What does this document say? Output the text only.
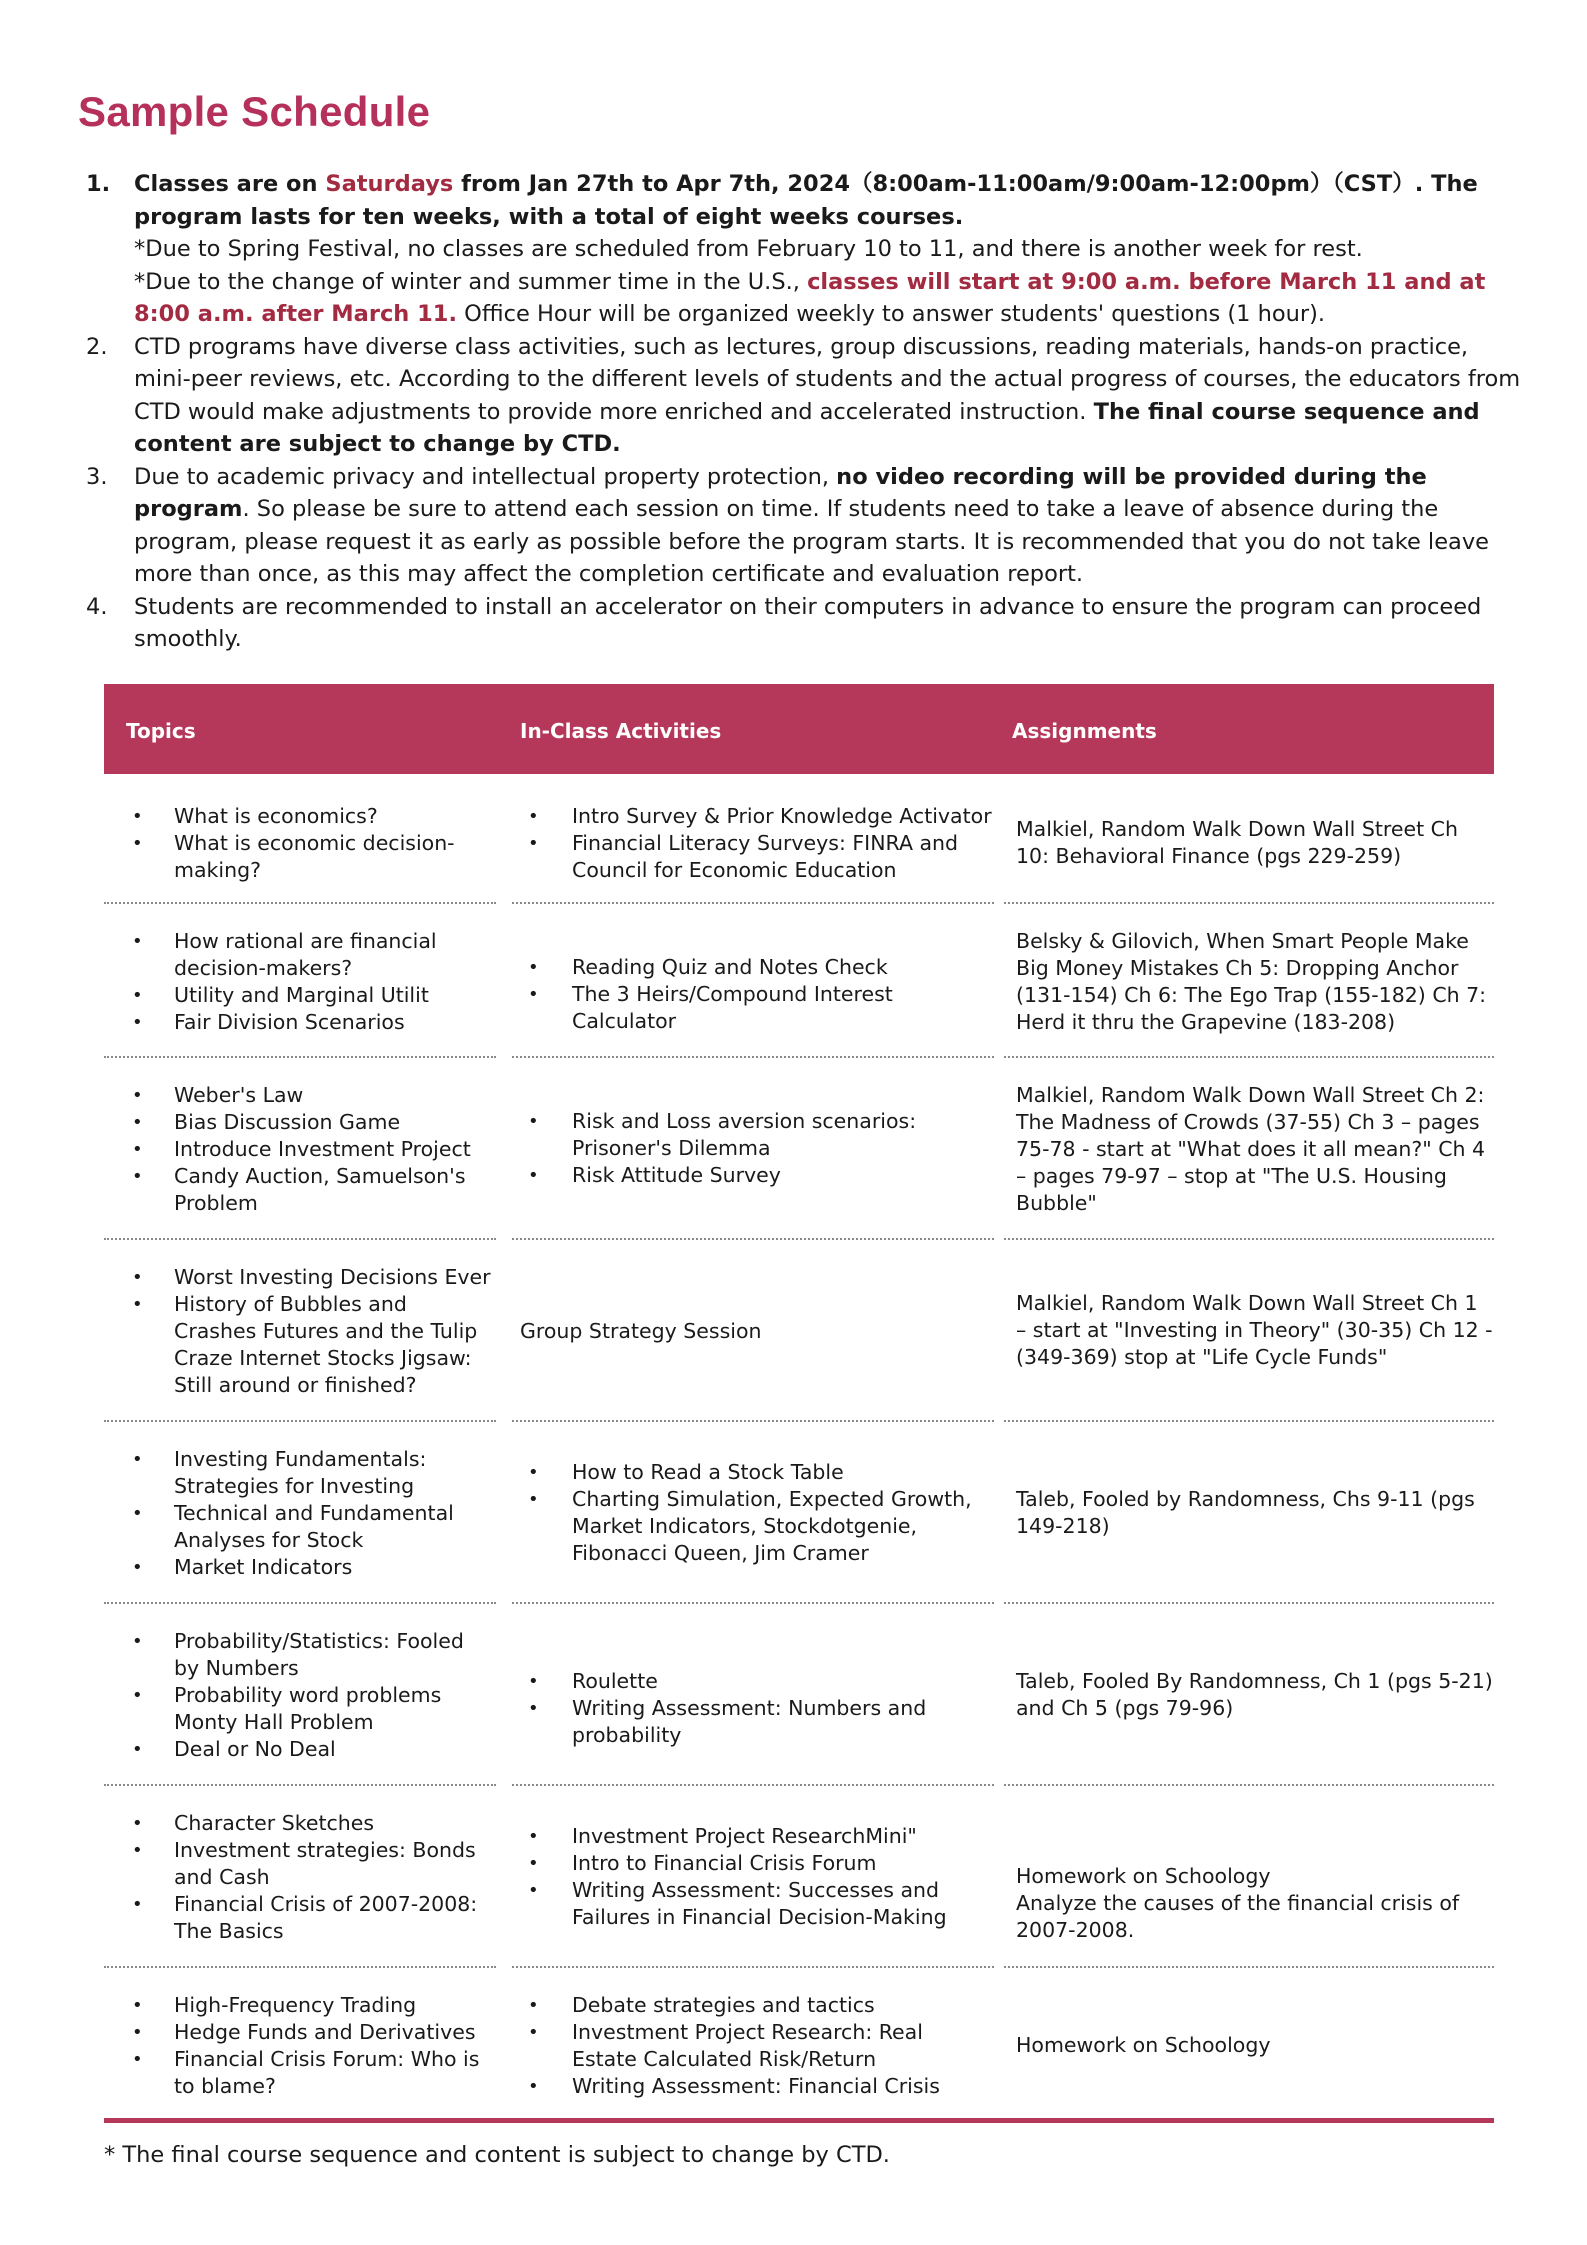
Sample Schedule
1. Classes are on Saturdays from Jan 27th to Apr 7th, 2024（8:00am-11:00am/9:00am-12:00pm）（CST）. The program lasts for ten weeks, with a total of eight weeks courses.
*Due to Spring Festival, no classes are scheduled from February 10 to 11, and there is another week for rest.
*Due to the change of winter and summer time in the U.S., classes will start at 9:00 a.m. before March 11 and at 8:00 a.m. after March 11. Office Hour will be organized weekly to answer students' questions (1 hour).
2. CTD programs have diverse class activities, such as lectures, group discussions, reading materials, hands-on practice, mini-peer reviews, etc. According to the different levels of students and the actual progress of courses, the educators from CTD would make adjustments to provide more enriched and accelerated instruction. The final course sequence and content are subject to change by CTD.
3. Due to academic privacy and intellectual property protection, no video recording will be provided during the program. So please be sure to attend each session on time. If students need to take a leave of absence during the program, please request it as early as possible before the program starts. It is recommended that you do not take leave more than once, as this may affect the completion certificate and evaluation report.
4. Students are recommended to install an accelerator on their computers in advance to ensure the program can proceed smoothly.
Topics	In-Class Activities	Assignments
• What is economics?
• What is economic decision-making?
• Intro Survey & Prior Knowledge Activator
• Financial Literacy Surveys: FINRA and Council for Economic Education
Malkiel, Random Walk Down Wall Street Ch 10: Behavioral Finance (pgs 229-259)
• How rational are financial decision-makers?
• Utility and Marginal Utilit
• Fair Division Scenarios
• Reading Quiz and Notes Check
• The 3 Heirs/Compound Interest Calculator
Belsky & Gilovich, When Smart People Make Big Money Mistakes Ch 5: Dropping Anchor (131-154) Ch 6: The Ego Trap (155-182) Ch 7: Herd it thru the Grapevine (183-208)
• Weber's Law
• Bias Discussion Game
• Introduce Investment Project
• Candy Auction, Samuelson's Problem
• Risk and Loss aversion scenarios: Prisoner's Dilemma
• Risk Attitude Survey
Malkiel, Random Walk Down Wall Street Ch 2: The Madness of Crowds (37-55) Ch 3 – pages 75-78 - start at "What does it all mean?" Ch 4 – pages 79-97 – stop at "The U.S. Housing Bubble"
• Worst Investing Decisions Ever
• History of Bubbles and Crashes Futures and the Tulip Craze Internet Stocks Jigsaw: Still around or finished?
Group Strategy Session
Malkiel, Random Walk Down Wall Street Ch 1 – start at "Investing in Theory" (30-35) Ch 12 - (349-369) stop at "Life Cycle Funds"
• Investing Fundamentals: Strategies for Investing
• Technical and Fundamental Analyses for Stock
• Market Indicators
• How to Read a Stock Table
• Charting Simulation, Expected Growth, Market Indicators, Stockdotgenie, Fibonacci Queen, Jim Cramer
Taleb, Fooled by Randomness, Chs 9-11 (pgs 149-218)
• Probability/Statistics: Fooled by Numbers
• Probability word problems Monty Hall Problem
• Deal or No Deal
• Roulette
• Writing Assessment: Numbers and probability
Taleb, Fooled By Randomness, Ch 1 (pgs 5-21) and Ch 5 (pgs 79-96)
• Character Sketches
• Investment strategies: Bonds and Cash
• Financial Crisis of 2007-2008: The Basics
• Investment Project ResearchMini"
• Intro to Financial Crisis Forum
• Writing Assessment: Successes and Failures in Financial Decision-Making

Homework on Schoology
Analyze the causes of the financial crisis of 2007-2008.

• High-Frequency Trading
• Hedge Funds and Derivatives
• Financial Crisis Forum: Who is to blame?
• Debate strategies and tactics
• Investment Project Research: Real Estate Calculated Risk/Return
• Writing Assessment: Financial Crisis
Homework on Schoology
* The final course sequence and content is subject to change by CTD.
